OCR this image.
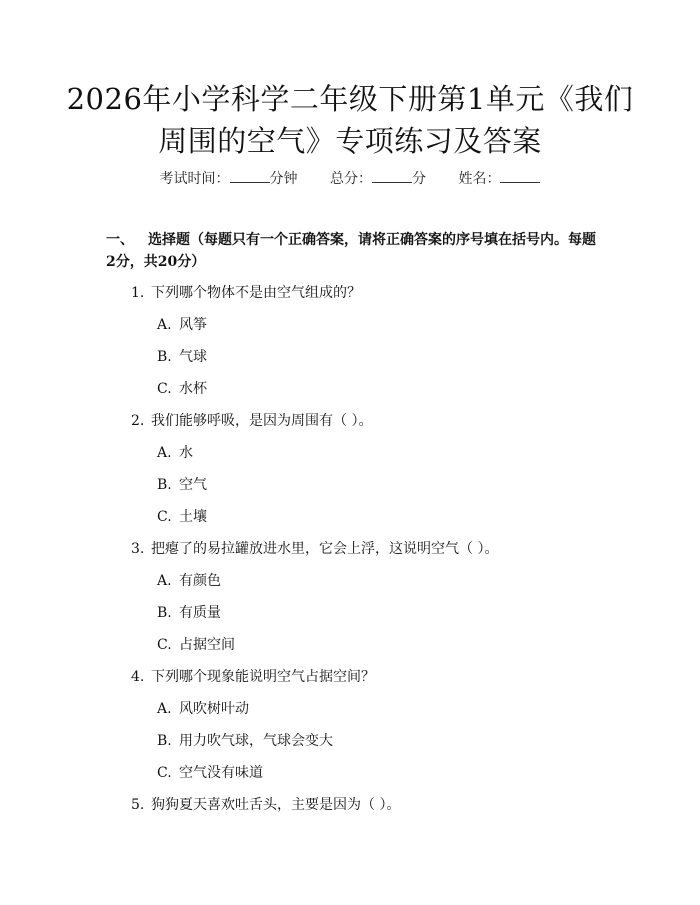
2026年小学科学二年级下册第1单元《我们周围的空气》专项练习及答案
考试时间：	分钟 总分：	分 姓名：
一、 选择题（每题只有一个正确答案，请将正确答案的序号填在括号内。每题2分，共20分）
1. 下列哪个物体不是由空气组成的？
A. 风筝
B. 气球
C. 水杯
2. 我们能够呼吸，是因为周围有（ ）。
A. 水
B. 空气
C. 土壤
3. 把瘪了的易拉罐放进水里，它会上浮，这说明空气（ ）。
A. 有颜色
B. 有质量
C. 占据空间
4. 下列哪个现象能说明空气占据空间？
A. 风吹树叶动
B. 用力吹气球，气球会变大
C. 空气没有味道
5. 狗狗夏天喜欢吐舌头，主要是因为（ ）。
